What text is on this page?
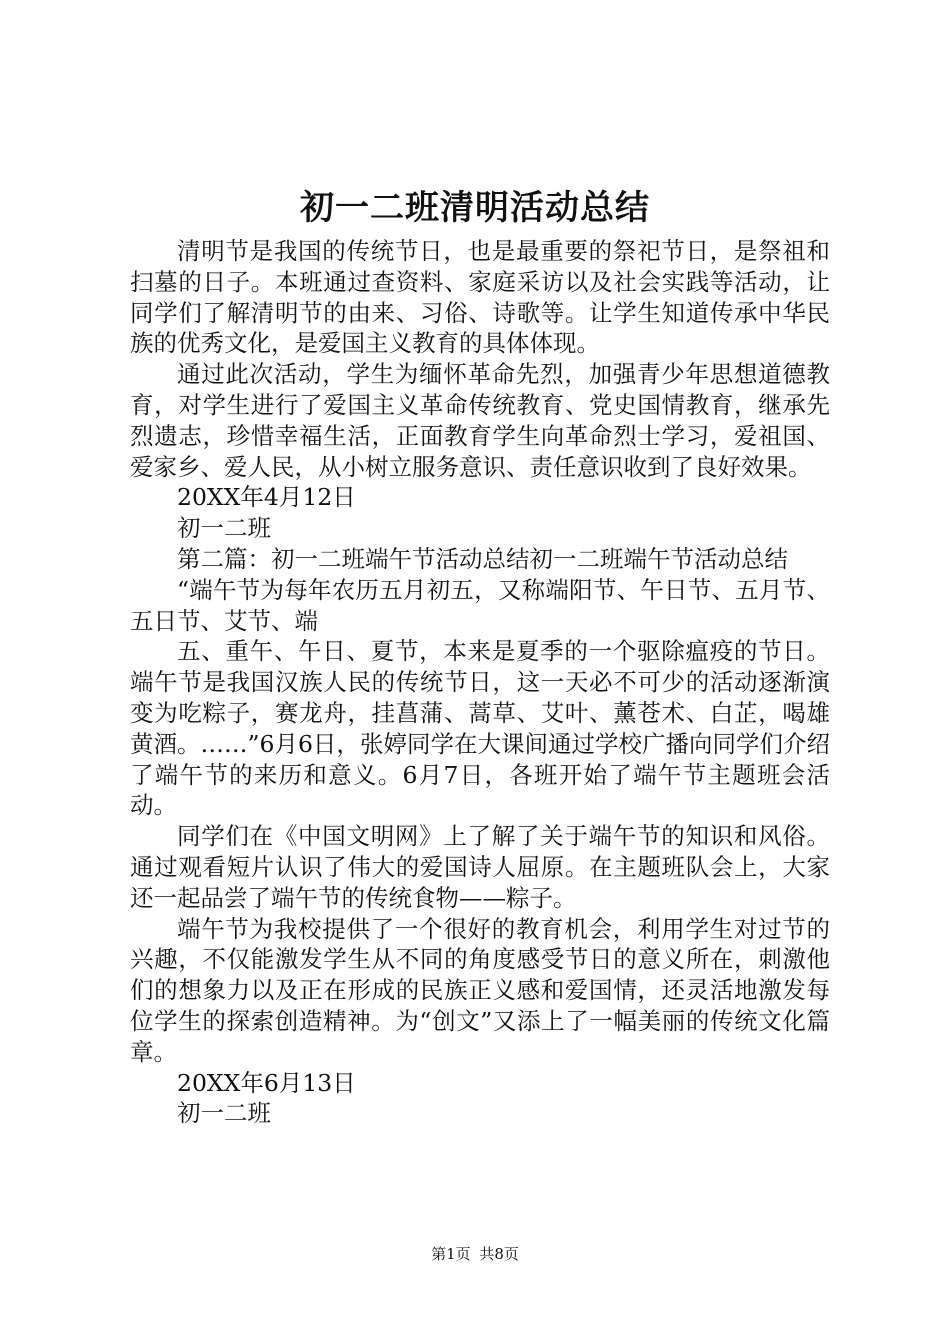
初一二班清明活动总结

清明节是我国的传统节日，也是最重要的祭祀节日，是祭祖和扫墓的日子。本班通过查资料、家庭采访以及社会实践等活动，让同学们了解清明节的由来、习俗、诗歌等。让学生知道传承中华民族的优秀文化，是爱国主义教育的具体体现。

通过此次活动，学生为缅怀革命先烈，加强青少年思想道德教育，对学生进行了爱国主义革命传统教育、党史国情教育，继承先烈遗志，珍惜幸福生活，正面教育学生向革命烈士学习，爱祖国、爱家乡、爱人民，从小树立服务意识、责任意识收到了良好效果。

20XX年4月12日

初一二班

第二篇：初一二班端午节活动总结初一二班端午节活动总结

“端午节为每年农历五月初五，又称端阳节、午日节、五月节、五日节、艾节、端

五、重午、午日、夏节，本来是夏季的一个驱除瘟疫的节日。端午节是我国汉族人民的传统节日，这一天必不可少的活动逐渐演变为吃粽子，赛龙舟，挂菖蒲、蒿草、艾叶、薰苍术、白芷，喝雄黄酒。……”6月6日，张婷同学在大课间通过学校广播向同学们介绍了端午节的来历和意义。6月7日，各班开始了端午节主题班会活动。

同学们在《中国文明网》上了解了关于端午节的知识和风俗。通过观看短片认识了伟大的爱国诗人屈原。在主题班队会上，大家还一起品尝了端午节的传统食物——粽子。

端午节为我校提供了一个很好的教育机会，利用学生对过节的兴趣，不仅能激发学生从不同的角度感受节日的意义所在，刺激他们的想象力以及正在形成的民族正义感和爱国情，还灵活地激发每位学生的探索创造精神。为“创文”又添上了一幅美丽的传统文化篇章。

20XX年6月13日

初一二班

第1页 共8页
